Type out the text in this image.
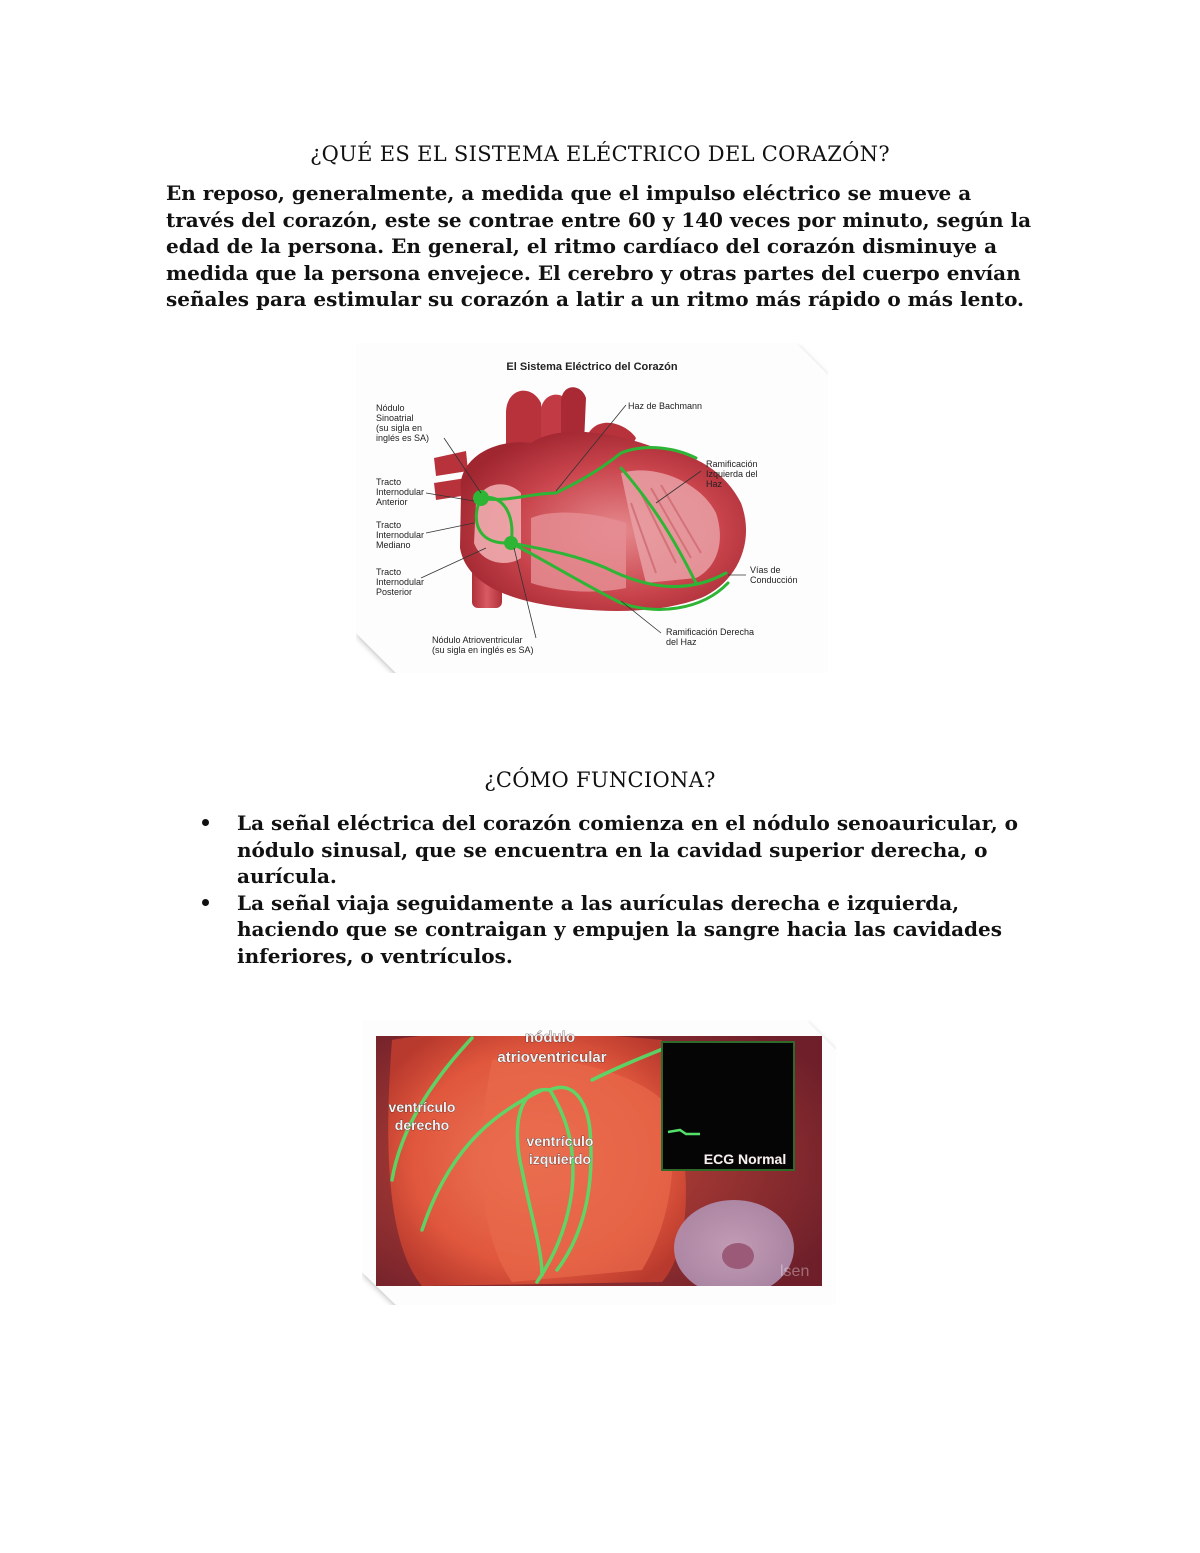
¿QUÉ ES EL SISTEMA ELÉCTRICO DEL CORAZÓN?

En reposo, generalmente, a medida que el impulso eléctrico se mueve a través del corazón, este se contrae entre 60 y 140 veces por minuto, según la edad de la persona. En general, el ritmo cardíaco del corazón disminuye a medida que la persona envejece. El cerebro y otras partes del cuerpo envían señales para estimular su corazón a latir a un ritmo más rápido o más lento.

El Sistema Eléctrico del Corazón
Nódulo Sinoatrial (su sigla en inglés es SA)
Tracto Internodular Anterior
Tracto Internodular Mediano
Tracto Internodular Posterior
Nódulo Atrioventricular (su sigla en inglés es SA)
Haz de Bachmann
Ramificación Izquierda del Haz
Vías de Conducción
Ramificación Derecha del Haz
¿CÓMO FUNCIONA?
La señal eléctrica del corazón comienza en el nódulo senoauricular, o nódulo sinusal, que se encuentra en la cavidad superior derecha, o aurícula.
La señal viaja seguidamente a las aurículas derecha e izquierda, haciendo que se contraigan y empujen la sangre hacia las cavidades inferiores, o ventrículos.
nódulo
atrioventricular
ventrículo
derecho
ventrículo
izquierdo	ECG Normal
lsen
